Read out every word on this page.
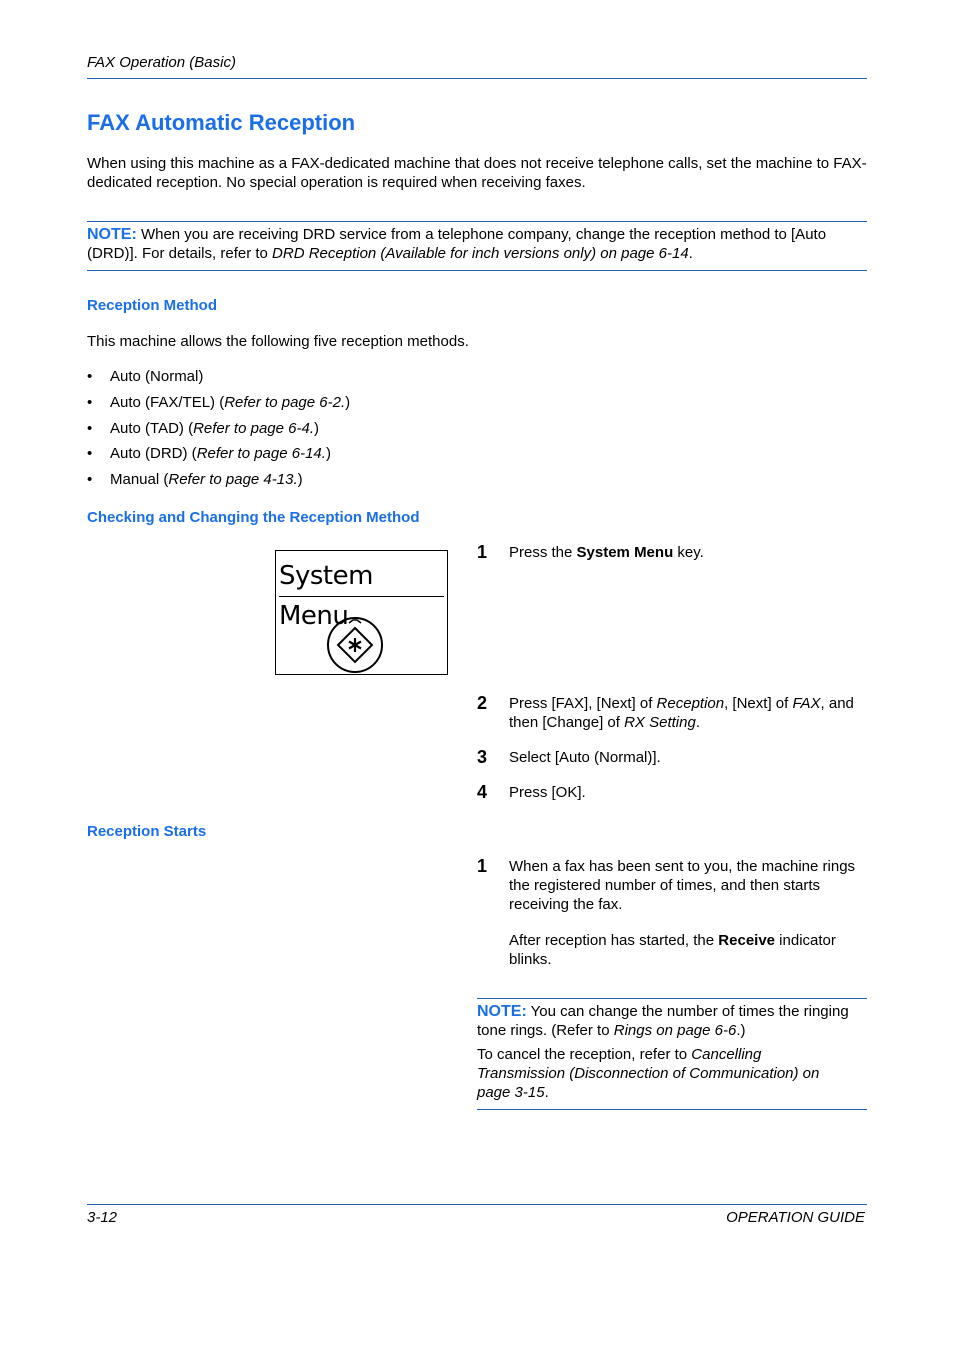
FAX Operation (Basic)
FAX Automatic Reception
When using this machine as a FAX-dedicated machine that does not receive telephone calls, set the machine to FAX-dedicated reception. No special operation is required when receiving faxes.
NOTE: When you are receiving DRD service from a telephone company, change the reception method to [Auto (DRD)]. For details, refer to DRD Reception (Available for inch versions only) on page 6-14.
Reception Method
This machine allows the following five reception methods.
• Auto (Normal)
• Auto (FAX/TEL) (Refer to page 6-2.)
• Auto (TAD) (Refer to page 6-4.)
• Auto (DRD) (Refer to page 6-14.)
• Manual (Refer to page 4-13.)
Checking and Changing the Reception Method
System Menu
1 Press the System Menu key.
2 Press [FAX], [Next] of Reception, [Next] of FAX, and then [Change] of RX Setting.
3 Select [Auto (Normal)].
4 Press [OK].
Reception Starts
1 When a fax has been sent to you, the machine rings the registered number of times, and then starts receiving the fax.
After reception has started, the Receive indicator blinks.
NOTE: You can change the number of times the ringing tone rings. (Refer to Rings on page 6-6.)
To cancel the reception, refer to Cancelling Transmission (Disconnection of Communication) on page 3-15.
3-12	OPERATION GUIDE
